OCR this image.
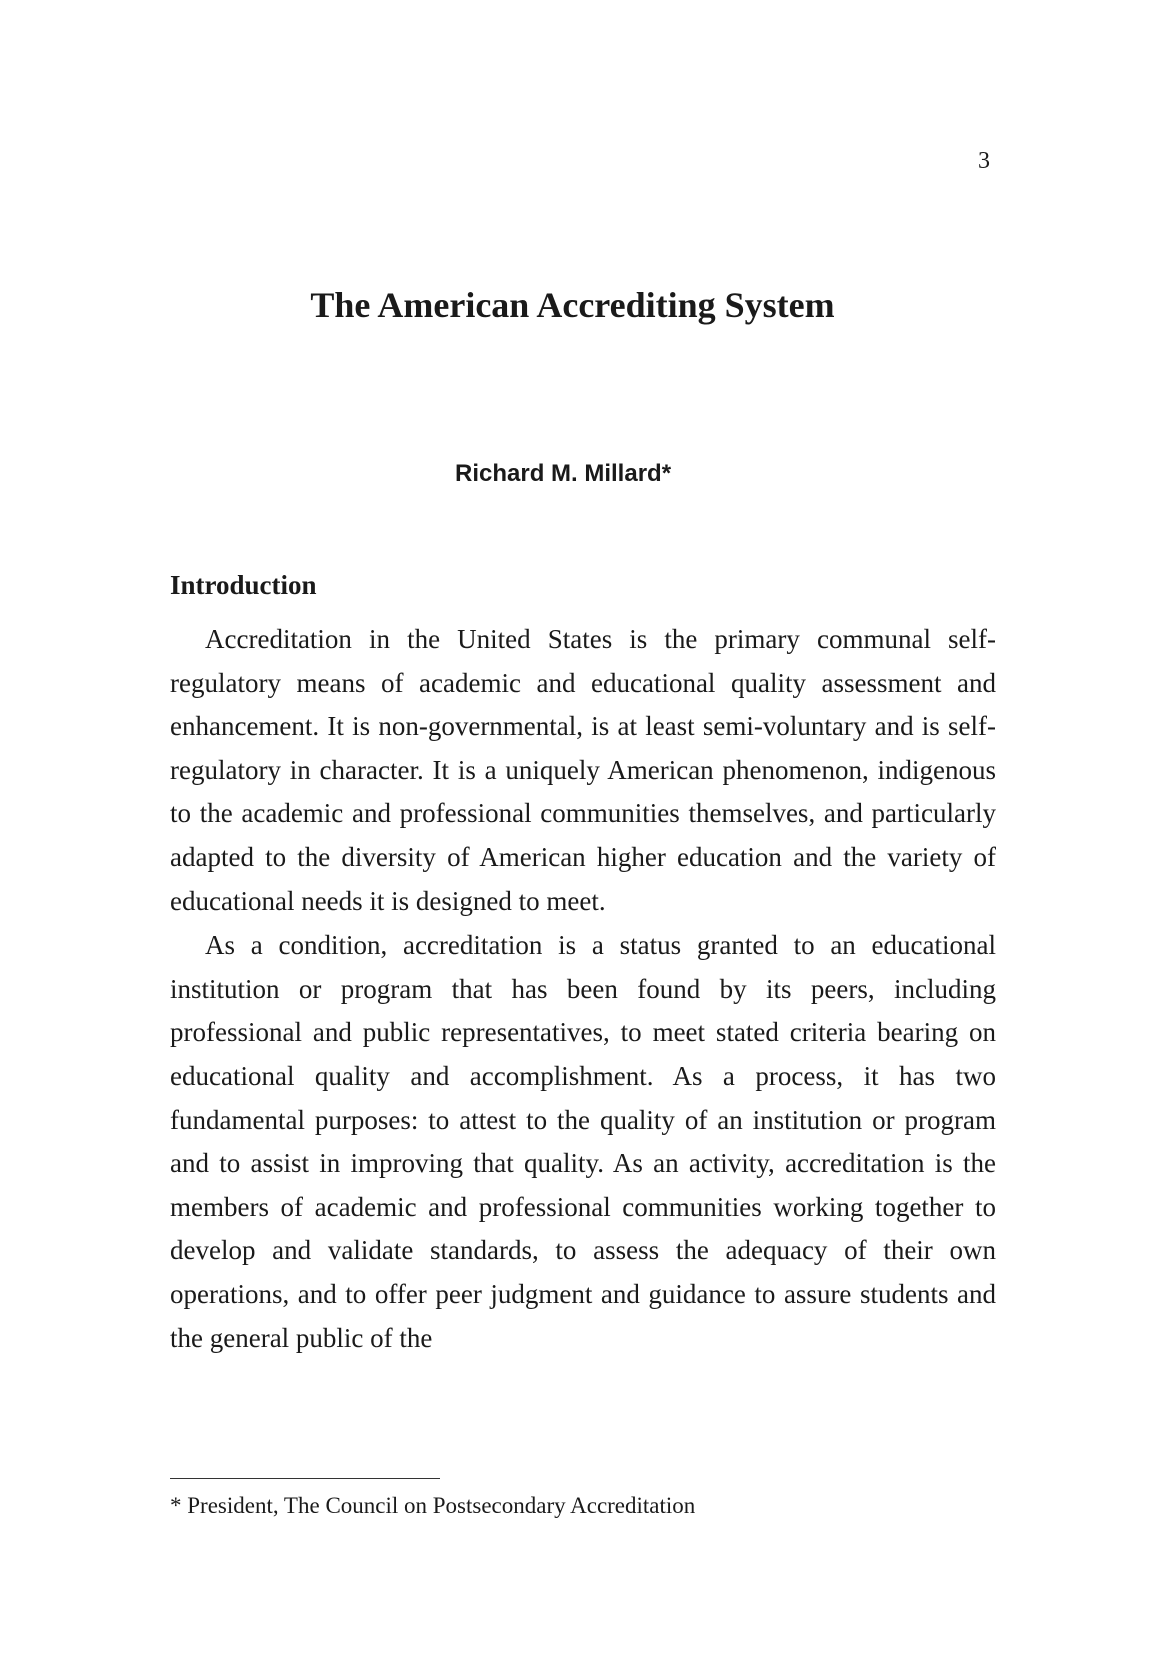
3
The American Accrediting System
Richard M. Millard*
Introduction

Accreditation in the United States is the primary communal self-regulatory means of academic and educational quality assessment and enhancement. It is non-governmental, is at least semi-voluntary and is self-regulatory in character. It is a uniquely American phenomenon, indigenous to the academic and professional communities themselves, and particularly adapted to the diversity of American higher education and the variety of educational needs it is designed to meet.

As a condition, accreditation is a status granted to an educational institution or program that has been found by its peers, including professional and public representatives, to meet stated criteria bearing on educational quality and accomplishment. As a process, it has two fundamental purposes: to attest to the quality of an institution or program and to assist in improving that quality. As an activity, accreditation is the members of academic and professional communities working together to develop and validate standards, to assess the adequacy of their own operations, and to offer peer judgment and guidance to assure students and the general public of the

* President, The Council on Postsecondary Accreditation
